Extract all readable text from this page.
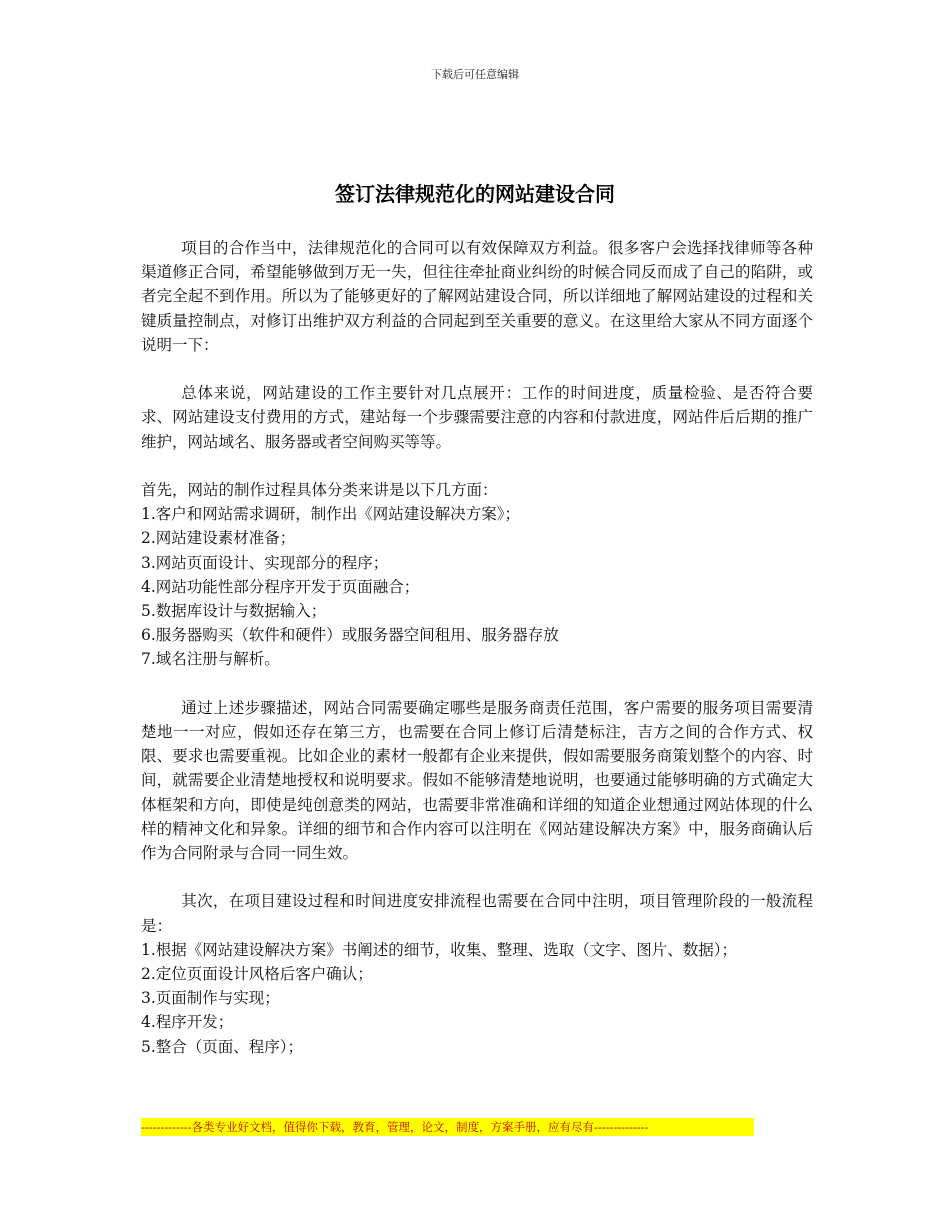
下载后可任意编辑
签订法律规范化的网站建设合同

项目的合作当中，法律规范化的合同可以有效保障双方利益。很多客户会选择找律师等各种渠道修正合同，希望能够做到万无一失，但往往牵扯商业纠纷的时候合同反而成了自己的陷阱，或者完全起不到作用。所以为了能够更好的了解网站建设合同，所以详细地了解网站建设的过程和关键质量控制点，对修订出维护双方利益的合同起到至关重要的意义。在这里给大家从不同方面逐个说明一下：

总体来说，网站建设的工作主要针对几点展开：工作的时间进度，质量检验、是否符合要求、网站建设支付费用的方式，建站每一个步骤需要注意的内容和付款进度，网站件后后期的推广维护，网站域名、服务器或者空间购买等等。

首先，网站的制作过程具体分类来讲是以下几方面：

1.客户和网站需求调研，制作出《网站建设解决方案》；
2.网站建设素材准备；
3.网站页面设计、实现部分的程序；
4.网站功能性部分程序开发于页面融合；
5.数据库设计与数据输入；
6.服务器购买（软件和硬件）或服务器空间租用、服务器存放
7.域名注册与解析。

通过上述步骤描述，网站合同需要确定哪些是服务商责任范围，客户需要的服务项目需要清楚地一一对应，假如还存在第三方，也需要在合同上修订后清楚标注，吉方之间的合作方式、权限、要求也需要重视。比如企业的素材一般都有企业来提供，假如需要服务商策划整个的内容、时间，就需要企业清楚地授权和说明要求。假如不能够清楚地说明，也要通过能够明确的方式确定大体框架和方向，即使是纯创意类的网站，也需要非常准确和详细的知道企业想通过网站体现的什么样的精神文化和异象。详细的细节和合作内容可以注明在《网站建设解决方案》中，服务商确认后作为合同附录与合同一同生效。

其次，在项目建设过程和时间进度安排流程也需要在合同中注明，项目管理阶段的一般流程是：

1.根据《网站建设解决方案》书阐述的细节，收集、整理、选取（文字、图片、数据）；
2.定位页面设计风格后客户确认；
3.页面制作与实现；
4.程序开发；
5.整合（页面、程序）；
-------------各类专业好文档，值得你下载，教育，管理，论文，制度，方案手册，应有尽有--------------
